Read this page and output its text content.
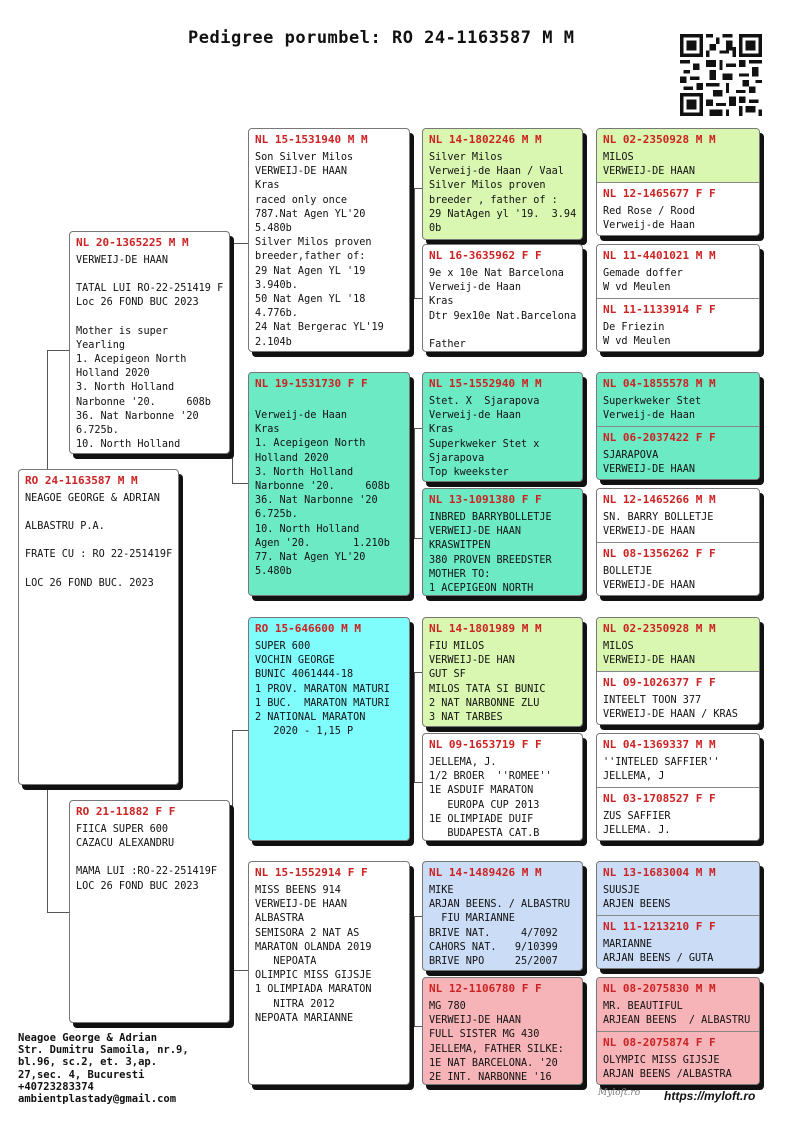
Pedigree porumbel: RO 24-1163587 M M
RO 24-1163587 M M
NEAGOE GEORGE & ADRIAN
ALBASTRU P.A.
FRATE CU : RO 22-251419F
LOC 26 FOND BUC. 2023
NL 20-1365225 M M
VERWEIJ-DE HAAN
TATAL LUI RO-22-251419 F
Loc 26 FOND BUC 2023
Mother is super
Yearling
1. Acepigeon North
Holland 2020
3. North Holland
Narbonne '20.     608b
36. Nat Narbonne '20
6.725b.
10. North Holland
RO 21-11882 F F
FIICA SUPER 600
CAZACU ALEXANDRU
MAMA LUI :RO-22-251419F
LOC 26 FOND BUC 2023
NL 15-1531940 M M
Son Silver Milos
VERWEIJ-DE HAAN
Kras
raced only once
787.Nat Agen YL'20
5.480b
Silver Milos proven
breeder,father of:
29 Nat Agen YL '19
3.940b.
50 Nat Agen YL '18
4.776b.
24 Nat Bergerac YL'19
2.104b
NL 19-1531730 F F
Verweij-de Haan
Kras
1. Acepigeon North
Holland 2020
3. North Holland
Narbonne '20.     608b
36. Nat Narbonne '20
6.725b.
10. North Holland
Agen '20.       1.210b
77. Nat Agen YL'20
5.480b
RO 15-646600 M M
SUPER 600
VOCHIN GEORGE
BUNIC 4061444-18
1 PROV. MARATON MATURI
1 BUC.  MARATON MATURI
2 NATIONAL MARATON
2020 - 1,15 P
NL 15-1552914 F F
MISS BEENS 914
VERWEIJ-DE HAAN
ALBASTRA
SEMISORA 2 NAT AS
MARATON OLANDA 2019
NEPOATA
OLIMPIC MISS GIJSJE
1 OLIMPIADA MARATON
NITRA 2012
NEPOATA MARIANNE
NL 14-1802246 M M
Silver Milos
Verweij-de Haan / Vaal
Silver Milos proven
breeder , father of :
29 NatAgen yl '19.  3.94
0b
NL 16-3635962 F F
9e x 10e Nat Barcelona
Verweij-de Haan
Kras
Dtr 9ex10e Nat.Barcelona
Father
NL 15-1552940 M M
Stet. X  Sjarapova
Verweij-de Haan
Kras
Superkweker Stet x
Sjarapova
Top kweekster
NL 13-1091380 F F
INBRED BARRYBOLLETJE
VERWEIJ-DE HAAN
KRASWITPEN
380 PROVEN BREEDSTER
MOTHER TO:
1 ACEPIGEON NORTH
NL 14-1801989 M M
FIU MILOS
VERWEIJ-DE HAN
GUT SF
MILOS TATA SI BUNIC
2 NAT NARBONNE ZLU
3 NAT TARBES
NL 09-1653719 F F
JELLEMA, J.
1/2 BROER  ''ROMEE''
1E ASDUIF MARATON
EUROPA CUP 2013
1E OLIMPIADE DUIF
BUDAPESTA CAT.B
NL 14-1489426 M M
MIKE
ARJAN BEENS. / ALBASTRU
FIU MARIANNE
BRIVE NAT.     4/7092
CAHORS NAT.   9/10399
BRIVE NPO     25/2007
NL 12-1106780 F F
MG 780
VERWEIJ-DE HAAN
FULL SISTER MG 430
JELLEMA, FATHER SILKE:
1E NAT BARCELONA. '20
2E INT. NARBONNE '16
NL 02-2350928 M M
MILOS
VERWEIJ-DE HAAN
NL 12-1465677 F F
Red Rose / Rood
Verweij-de Haan
NL 11-4401021 M M
Gemade doffer
W vd Meulen
NL 11-1133914 F F
De Friezin
W vd Meulen
NL 04-1855578 M M
Superkweker Stet
Verweij-de Haan
NL 06-2037422 F F
SJARAPOVA
VERWEIJ-DE HAAN
NL 12-1465266 M M
SN. BARRY BOLLETJE
VERWEIJ-DE HAAN
NL 08-1356262 F F
BOLLETJE
VERWEIJ-DE HAAN
NL 02-2350928 M M
MILOS
VERWEIJ-DE HAAN
NL 09-1026377 F F
INTEELT TOON 377
VERWEIJ-DE HAAN / KRAS
NL 04-1369337 M M
''INTELED SAFFIER''
JELLEMA, J
NL 03-1708527 F F
ZUS SAFFIER
JELLEMA. J.
NL 13-1683004 M M
SUUSJE
ARJEN BEENS
NL 11-1213210 F F
MARIANNE
ARJAN BEENS / GUTA
NL 08-2075830 M M
MR. BEAUTIFUL
ARJEAN BEENS  / ALBASTRU
NL 08-2075874 F F
OLYMPIC MISS GIJSJE
ARJAN BEENS /ALBASTRA
Neagoe George & Adrian
Str. Dumitru Samoila, nr.9,
bl.96, sc.2, et. 3,ap.
27,sec. 4, Bucuresti
+40723283374
ambientplastady@gmail.com
Myloft.ro https://myloft.ro
